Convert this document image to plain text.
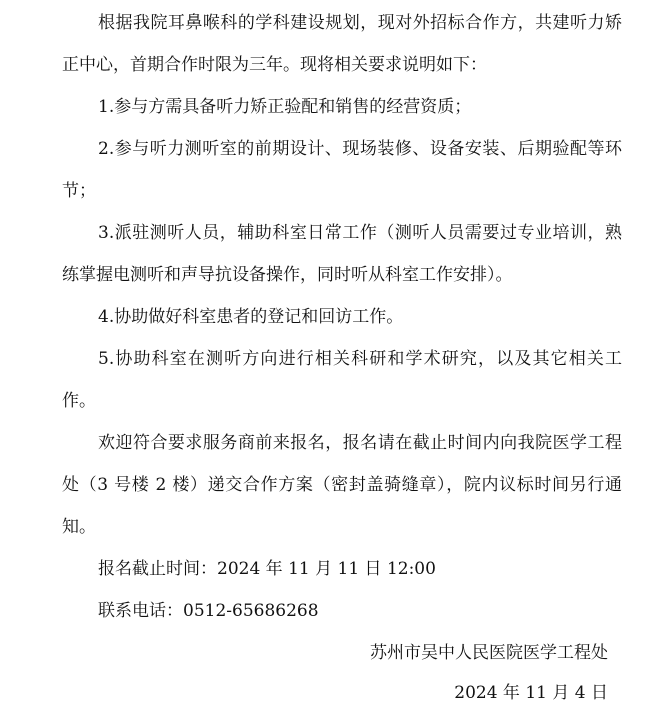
根据我院耳鼻喉科的学科建设规划，现对外招标合作方，共建听力矫正中心，首期合作时限为三年。现将相关要求说明如下：

1.参与方需具备听力矫正验配和销售的经营资质；

2.参与听力测听室的前期设计、现场装修、设备安装、后期验配等环节；

3.派驻测听人员，辅助科室日常工作（测听人员需要过专业培训，熟练掌握电测听和声导抗设备操作，同时听从科室工作安排）。

4.协助做好科室患者的登记和回访工作。

5.协助科室在测听方向进行相关科研和学术研究，以及其它相关工作。

欢迎符合要求服务商前来报名，报名请在截止时间内向我院医学工程处（3 号楼 2 楼）递交合作方案（密封盖骑缝章），院内议标时间另行通知。

报名截止时间：2024 年 11 月 11 日 12:00

联系电话：0512-65686268

苏州市吴中人民医院医学工程处

2024 年 11 月 4 日
